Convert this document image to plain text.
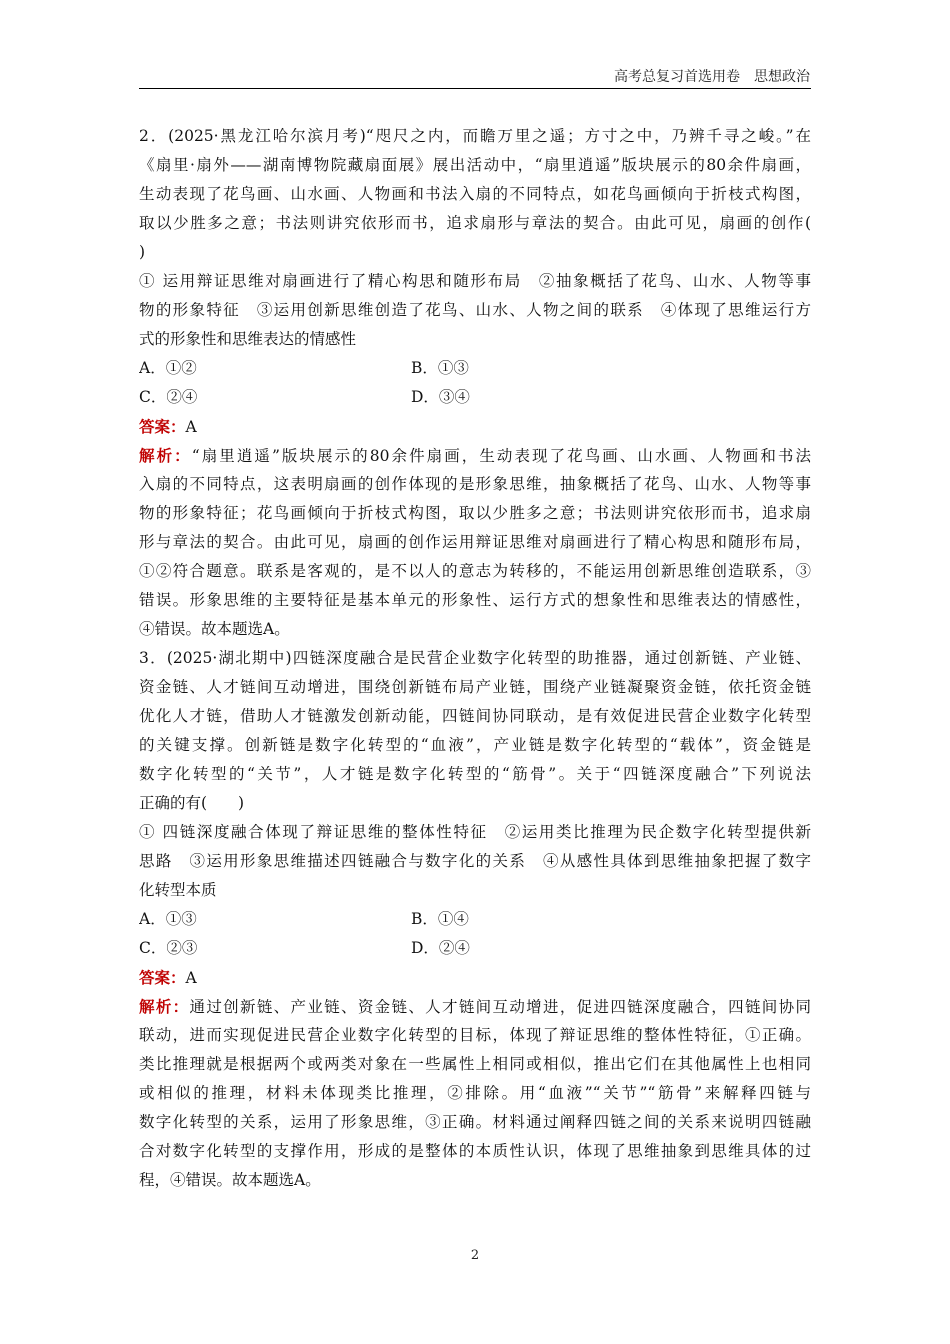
高考总复习首选用卷　思想政治
2．(2025·黑龙江哈尔滨月考)“咫尺之内，而瞻万里之遥；方寸之中，乃辨千寻之峻。”在
《扇里·扇外——湖南博物院藏扇面展》展出活动中，“扇里逍遥”版块展示的80余件扇画，
生动表现了花鸟画、山水画、人物画和书法入扇的不同特点，如花鸟画倾向于折枝式构图，
取以少胜多之意；书法则讲究依形而书，追求扇形与章法的契合。由此可见，扇画的创作(
)
① 运用辩证思维对扇画进行了精心构思和随形布局　②抽象概括了花鸟、山水、人物等事
物的形象特征　③运用创新思维创造了花鸟、山水、人物之间的联系　④体现了思维运行方
式的形象性和思维表达的情感性
A．①②	B．①③
C．②④	D．③④
答案：A
解析：“扇里逍遥”版块展示的80余件扇画，生动表现了花鸟画、山水画、人物画和书法
入扇的不同特点，这表明扇画的创作体现的是形象思维，抽象概括了花鸟、山水、人物等事
物的形象特征；花鸟画倾向于折枝式构图，取以少胜多之意；书法则讲究依形而书，追求扇
形与章法的契合。由此可见，扇画的创作运用辩证思维对扇画进行了精心构思和随形布局，
①②符合题意。联系是客观的，是不以人的意志为转移的，不能运用创新思维创造联系，③
错误。形象思维的主要特征是基本单元的形象性、运行方式的想象性和思维表达的情感性，
④错误。故本题选A。
3．(2025·湖北期中)四链深度融合是民营企业数字化转型的助推器，通过创新链、产业链、
资金链、人才链间互动增进，围绕创新链布局产业链，围绕产业链凝聚资金链，依托资金链
优化人才链，借助人才链激发创新动能，四链间协同联动，是有效促进民营企业数字化转型
的关键支撑。创新链是数字化转型的“血液”，产业链是数字化转型的“载体”，资金链是
数字化转型的“关节”，人才链是数字化转型的“筋骨”。关于“四链深度融合”下列说法
正确的有(　　)
① 四链深度融合体现了辩证思维的整体性特征　②运用类比推理为民企数字化转型提供新
思路　③运用形象思维描述四链融合与数字化的关系　④从感性具体到思维抽象把握了数字
化转型本质
A．①③	B．①④
C．②③	D．②④
答案：A
解析：通过创新链、产业链、资金链、人才链间互动增进，促进四链深度融合，四链间协同
联动，进而实现促进民营企业数字化转型的目标，体现了辩证思维的整体性特征，①正确。
类比推理就是根据两个或两类对象在一些属性上相同或相似，推出它们在其他属性上也相同
或相似的推理，材料未体现类比推理，②排除。用“血液”“关节”“筋骨”来解释四链与
数字化转型的关系，运用了形象思维，③正确。材料通过阐释四链之间的关系来说明四链融
合对数字化转型的支撑作用，形成的是整体的本质性认识，体现了思维抽象到思维具体的过
程，④错误。故本题选A。
2
